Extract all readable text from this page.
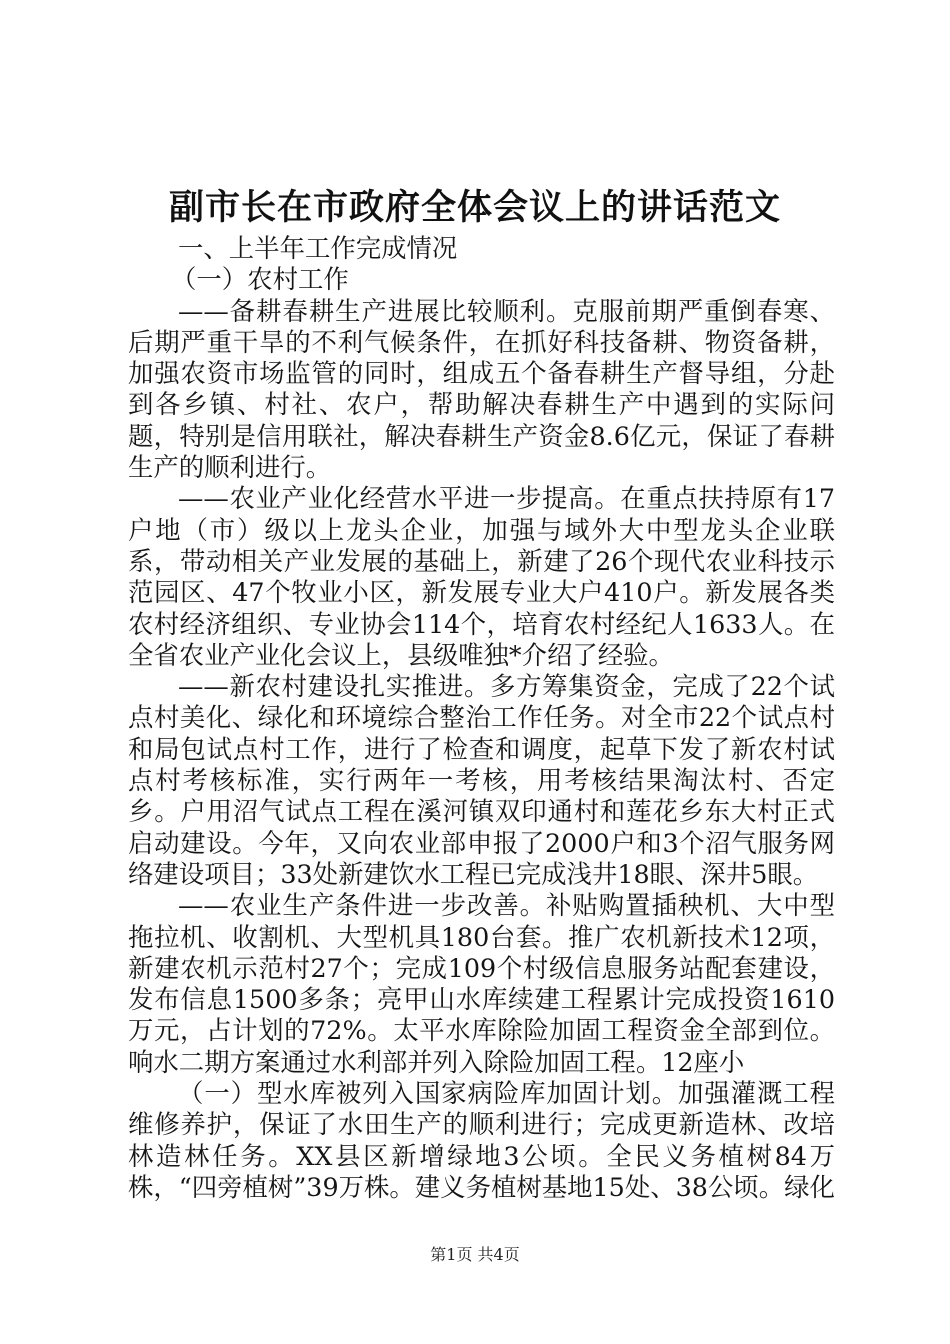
副市长在市政府全体会议上的讲话范文

一、上半年工作完成情况

（一）农村工作

——备耕春耕生产进展比较顺利。克服前期严重倒春寒、后期严重干旱的不利气候条件，在抓好科技备耕、物资备耕，加强农资市场监管的同时，组成五个备春耕生产督导组，分赴到各乡镇、村社、农户，帮助解决春耕生产中遇到的实际问题，特别是信用联社，解决春耕生产资金8.6亿元，保证了春耕生产的顺利进行。

——农业产业化经营水平进一步提高。在重点扶持原有17户地（市）级以上龙头企业，加强与域外大中型龙头企业联系，带动相关产业发展的基础上，新建了26个现代农业科技示范园区、47个牧业小区，新发展专业大户410户。新发展各类农村经济组织、专业协会114个，培育农村经纪人1633人。在全省农业产业化会议上，县级唯独*介绍了经验。

——新农村建设扎实推进。多方筹集资金，完成了22个试点村美化、绿化和环境综合整治工作任务。对全市22个试点村和局包试点村工作，进行了检查和调度，起草下发了新农村试点村考核标准，实行两年一考核，用考核结果淘汰村、否定乡。户用沼气试点工程在溪河镇双印通村和莲花乡东大村正式启动建设。今年，又向农业部申报了2000户和3个沼气服务网络建设项目；33处新建饮水工程已完成浅井18眼、深井5眼。

——农业生产条件进一步改善。补贴购置插秧机、大中型拖拉机、收割机、大型机具180台套。推广农机新技术12项，新建农机示范村27个；完成109个村级信息服务站配套建设，发布信息1500多条；亮甲山水库续建工程累计完成投资1610万元，占计划的72%。太平水库除险加固工程资金全部到位。响水二期方案通过水利部并列入除险加固工程。12座小

（一）型水库被列入国家病险库加固计划。加强灌溉工程维修养护，保证了水田生产的顺利进行；完成更新造林、改培林造林任务。XX县区新增绿地3公顷。全民义务植树84万株，“四旁植树”39万株。建义务植树基地15处、38公顷。绿化

第1页 共4页
